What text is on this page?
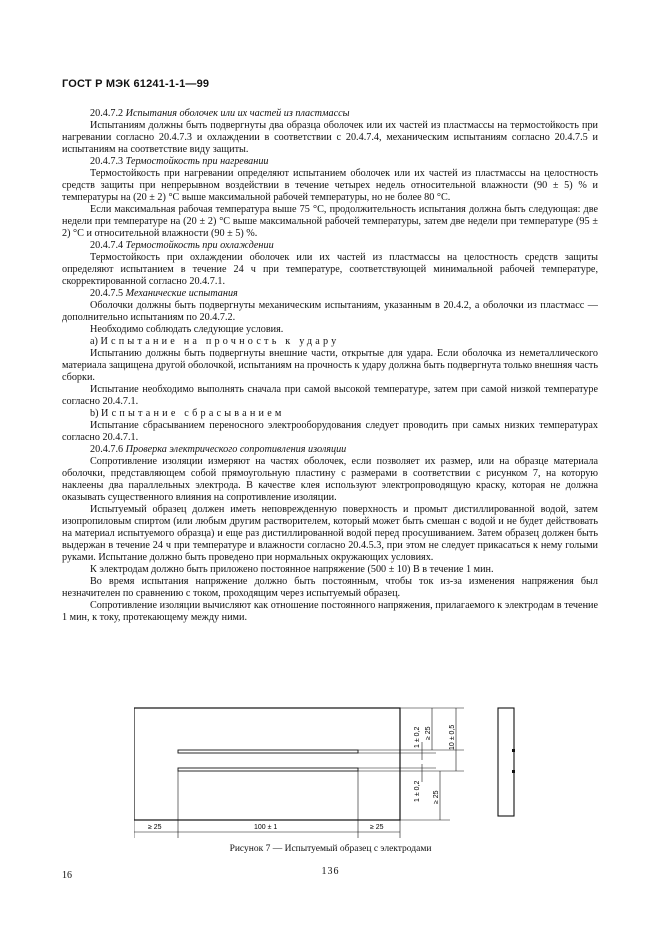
ГОСТ Р МЭК 61241-1-1—99

20.4.7.2 Испытания оболочек или их частей из пластмассы

Испытаниям должны быть подвергнуты два образца оболочек или их частей из пластмассы на термостойкость при нагревании согласно 20.4.7.3 и охлаждении в соответствии с 20.4.7.4, механическим испытаниям согласно 20.4.7.5 и испытаниям на соответствие виду защиты.

20.4.7.3 Термостойкость при нагревании

Термостойкость при нагревании определяют испытанием оболочек или их частей из пластмассы на целостность средств защиты при непрерывном воздействии в течение четырех недель относительной влажности (90 ± 5) % и температуры на (20 ± 2) °С выше максимальной рабочей температуры, но не более 80 °С.

Если максимальная рабочая температура выше 75 °С, продолжительность испытания должна быть следующая: две недели при температуре на (20 ± 2) °С выше максимальной рабочей температуры, затем две недели при температуре (95 ± 2) °С и относительной влажности (90 ± 5) %.

20.4.7.4 Термостойкость при охлаждении

Термостойкость при охлаждении оболочек или их частей из пластмассы на целостность средств защиты определяют испытанием в течение 24 ч при температуре, соответствующей минимальной рабочей температуре, скорректированной согласно 20.4.7.1.

20.4.7.5 Механические испытания

Оболочки должны быть подвергнуты механическим испытаниям, указанным в 20.4.2, а оболочки из пластмасс — дополнительно испытаниям по 20.4.7.2.

Необходимо соблюдать следующие условия.

а) Испытание на прочность к удару

Испытанию должны быть подвергнуты внешние части, открытые для удара. Если оболочка из неметаллического материала защищена другой оболочкой, испытаниям на прочность к удару должна быть подвергнута только внешняя часть сборки.

Испытание необходимо выполнять сначала при самой высокой температуре, затем при самой низкой температуре согласно 20.4.7.1.

b) Испытание сбрасыванием

Испытание сбрасыванием переносного электрооборудования следует проводить при самых низких температурах согласно 20.4.7.1.

20.4.7.6 Проверка электрического сопротивления изоляции

Сопротивление изоляции измеряют на частях оболочек, если позволяет их размер, или на образце материала оболочки, представляющем собой прямоугольную пластину с размерами в соответствии с рисунком 7, на которую наклеены два параллельных электрода. В качестве клея используют электропроводящую краску, которая не должна оказывать существенного влияния на сопротивление изоляции.

Испытуемый образец должен иметь неповрежденную поверхность и промыт дистиллированной водой, затем изопропиловым спиртом (или любым другим растворителем, который может быть смешан с водой и не будет действовать на материал испытуемого образца) и еще раз дистиллированной водой перед просушиванием. Затем образец должен быть выдержан в течение 24 ч при температуре и влажности согласно 20.4.5.3, при этом не следует прикасаться к нему голыми руками. Испытание должно быть проведено при нормальных окружающих условиях.

К электродам должно быть приложено постоянное напряжение (500 ± 10) В в течение 1 мин.

Во время испытания напряжение должно быть постоянным, чтобы ток из-за изменения напряжения был незначителен по сравнению с током, проходящим через испытуемый образец.

Сопротивление изоляции вычисляют как отношение постоянного напряжения, прилагаемого к электродам в течение 1 мин, к току, протекающему между ними.

1 ± 0,2 ≥ 25 10 ± 0,5
1 ± 0,2 ≥ 25
≥ 25	100 ± 1	≥ 25
Рисунок 7 — Испытуемый образец с электродами
16	136
